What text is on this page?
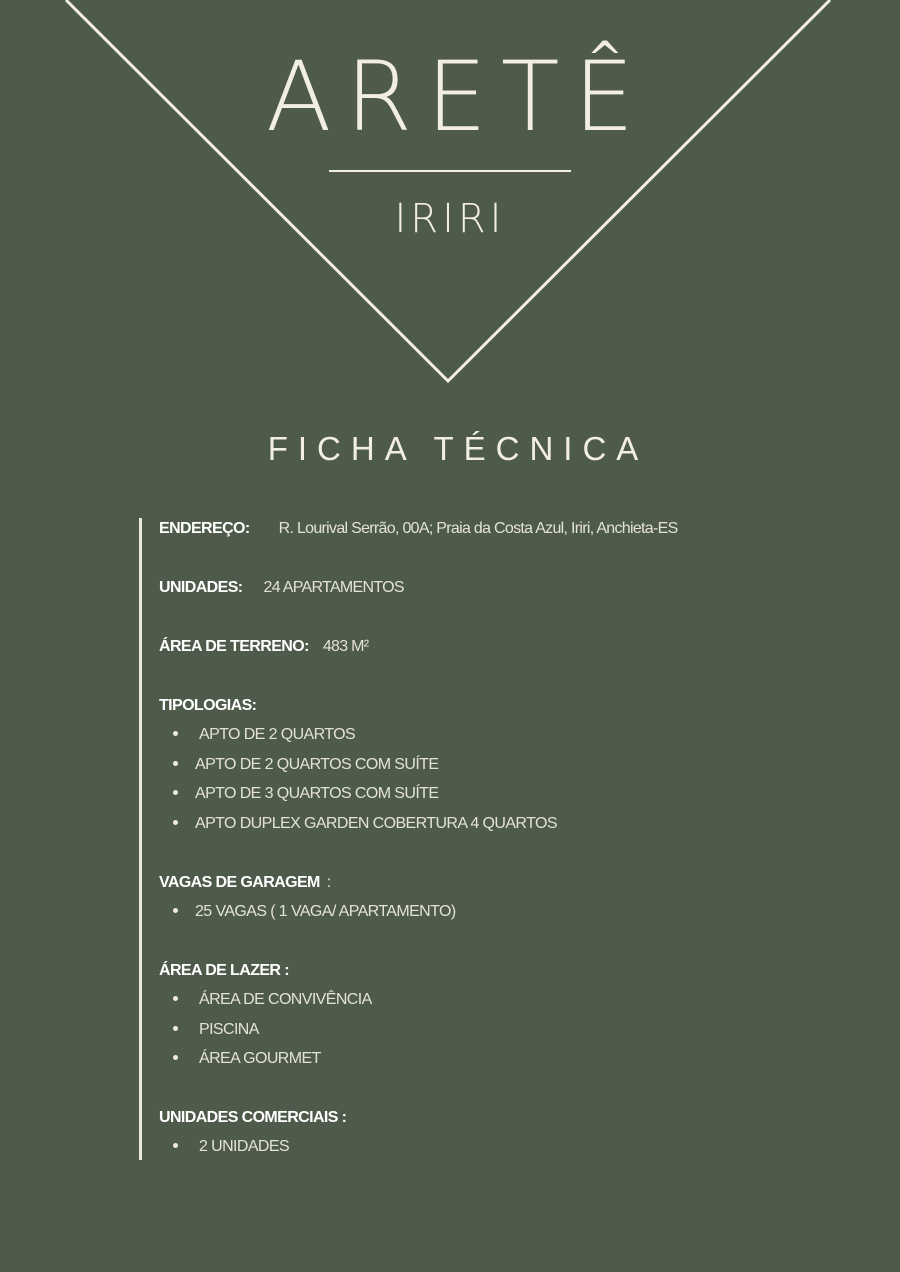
ARETÊ
IRIRI
FICHA TÉCNICA
ENDEREÇO: R. Lourival Serrão, 00A; Praia da Costa Azul, Iriri, Anchieta-ES
UNIDADES: 24 APARTAMENTOS
ÁREA DE TERRENO: 483 M²
TIPOLOGIAS:
APTO DE 2 QUARTOS
APTO DE 2 QUARTOS COM SUÍTE
APTO DE 3 QUARTOS COM SUÍTE
APTO DUPLEX GARDEN COBERTURA 4 QUARTOS
VAGAS DE GARAGEM :
25 VAGAS ( 1 VAGA/ APARTAMENTO)
ÁREA DE LAZER :
ÁREA DE CONVIVÊNCIA
PISCINA
ÁREA GOURMET
UNIDADES COMERCIAIS :
2 UNIDADES
